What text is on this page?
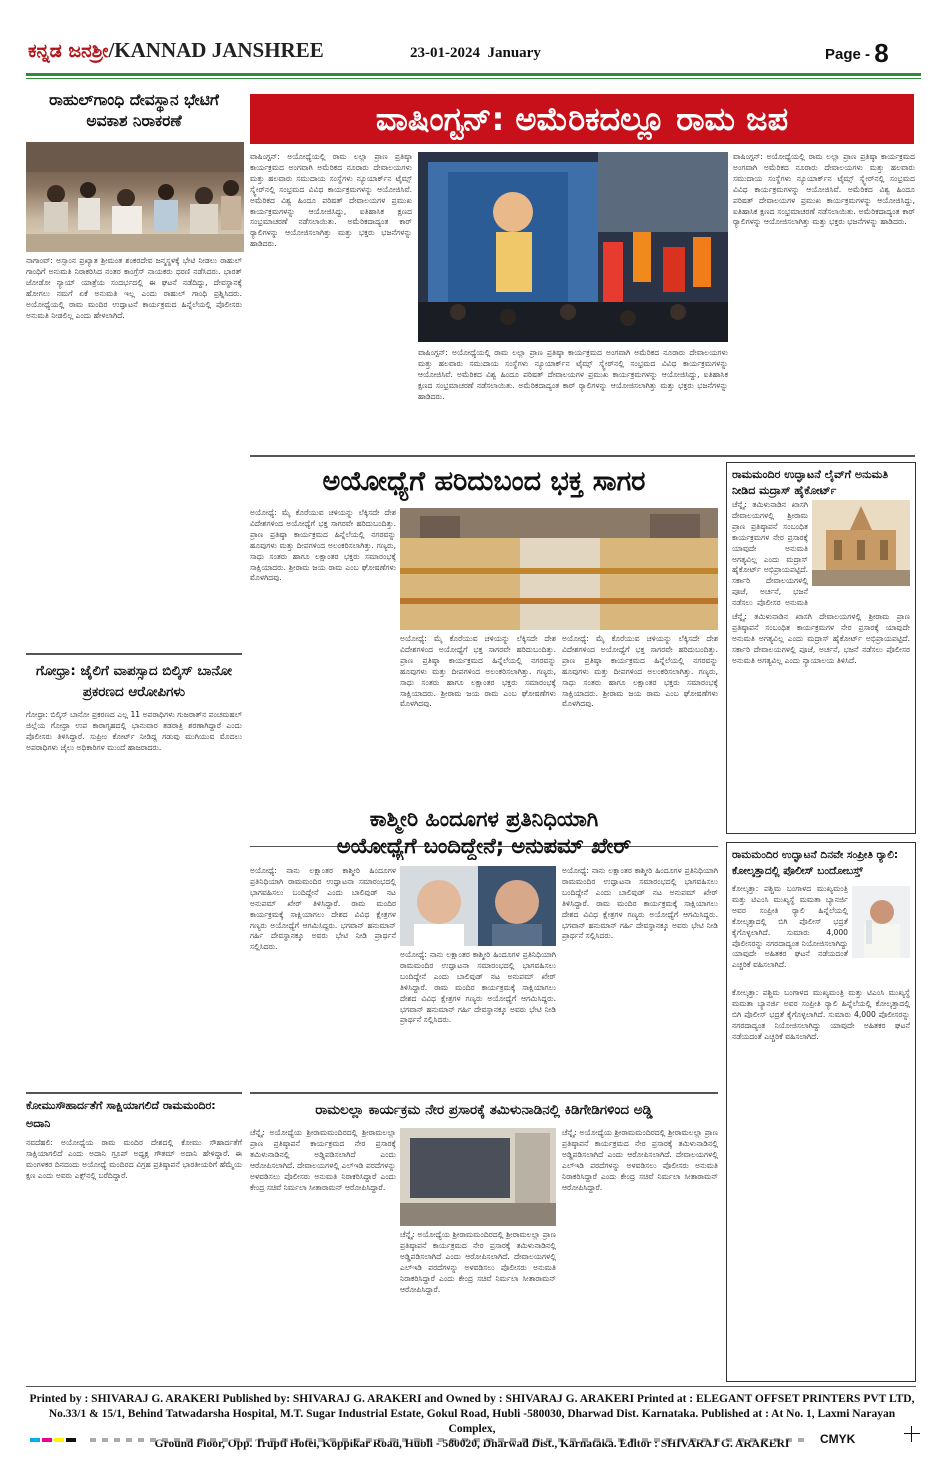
ಕನ್ನಡ ಜನಶ್ರೀ/KANNAD JANSHREE	23-01-2024 January	Page - 8
ರಾಹುಲ್‌ಗಾಂಧಿ ದೇವಸ್ಥಾನ ಭೇಟಿಗೆ ಅವಕಾಶ ನಿರಾಕರಣೆ
ನಾಗಾಂವ್: ಅಸ್ಸಾಂನ ಪ್ರಖ್ಯಾತ ಶ್ರೀಮಂತ ಶಂಕರದೇವ ಜನ್ಮಸ್ಥಳಕ್ಕೆ ಭೇಟಿ ನೀಡಲು ರಾಹುಲ್ ಗಾಂಧಿಗೆ ಅನುಮತಿ ನಿರಾಕರಿಸಿದ ನಂತರ ಕಾಂಗ್ರೆಸ್ ನಾಯಕರು ಧರಣಿ ನಡೆಸಿದರು. ಭಾರತ್ ಜೋಡೋ ನ್ಯಾಯ್ ಯಾತ್ರೆಯ ಸಂದರ್ಭದಲ್ಲಿ ಈ ಘಟನೆ ನಡೆದಿದ್ದು, ದೇವಸ್ಥಾನಕ್ಕೆ ಹೋಗಲು ನಮಗೆ ಏಕೆ ಅನುಮತಿ ಇಲ್ಲ ಎಂದು ರಾಹುಲ್ ಗಾಂಧಿ ಪ್ರಶ್ನಿಸಿದರು. ಅಯೋಧ್ಯೆಯಲ್ಲಿ ರಾಮ ಮಂದಿರ ಉದ್ಘಾಟನೆ ಕಾರ್ಯಕ್ರಮದ ಹಿನ್ನೆಲೆಯಲ್ಲಿ ಪೊಲೀಸರು ಅನುಮತಿ ನೀಡಲಿಲ್ಲ ಎಂದು ಹೇಳಲಾಗಿದೆ.
ಗೋಧ್ರಾ: ಜೈಲಿಗೆ ವಾಪಸ್ಸಾದ ಬಿಲ್ಕಿಸ್ ಬಾನೋ ಪ್ರಕರಣದ ಆರೋಪಿಗಳು
ಗೋಧ್ರಾ: ಬಿಲ್ಕಿಸ್ ಬಾನೋ ಪ್ರಕರಣದ ಎಲ್ಲ 11 ಅಪರಾಧಿಗಳು ಗುಜರಾತ್‌ನ ಪಂಚಮಹಲ್ ಜಿಲ್ಲೆಯ ಗೋಧ್ರಾ ಉಪ ಕಾರಾಗೃಹದಲ್ಲಿ ಭಾನುವಾರ ತಡರಾತ್ರಿ ಶರಣಾಗಿದ್ದಾರೆ ಎಂದು ಪೊಲೀಸರು ತಿಳಿಸಿದ್ದಾರೆ. ಸುಪ್ರೀಂ ಕೋರ್ಟ್ ನೀಡಿದ್ದ ಗಡುವು ಮುಗಿಯುವ ಮೊದಲು ಅಪರಾಧಿಗಳು ಜೈಲು ಅಧಿಕಾರಿಗಳ ಮುಂದೆ ಹಾಜರಾದರು.
ಕೋಮುಸೌಹಾರ್ದತೆಗೆ ಸಾಕ್ಷಿಯಾಗಲಿದೆ ರಾಮಮಂದಿರ: ಅದಾನಿ
ನವದೆಹಲಿ: ಅಯೋಧ್ಯೆಯ ರಾಮ ಮಂದಿರ ದೇಶದಲ್ಲಿ ಕೋಮು ಸೌಹಾರ್ದತೆಗೆ ಸಾಕ್ಷಿಯಾಗಲಿದೆ ಎಂದು ಅದಾನಿ ಗ್ರೂಪ್ ಅಧ್ಯಕ್ಷ ಗೌತಮ್ ಅದಾನಿ ಹೇಳಿದ್ದಾರೆ. ಈ ಮಂಗಳಕರ ದಿನದಂದು ಅಯೋಧ್ಯೆ ಮಂದಿರದ ವಿಗ್ರಹ ಪ್ರತಿಷ್ಠಾಪನೆ ಭಾರತೀಯರಿಗೆ ಹೆಮ್ಮೆಯ ಕ್ಷಣ ಎಂದು ಅವರು ಎಕ್ಸ್‌ನಲ್ಲಿ ಬರೆದಿದ್ದಾರೆ.
ವಾಷಿಂಗ್ಟನ್: ಅಮೆರಿಕದಲ್ಲೂ ರಾಮ ಜಪ
ವಾಷಿಂಗ್ಟನ್: ಅಯೋಧ್ಯೆಯಲ್ಲಿ ರಾಮ ಲಲ್ಲಾ ಪ್ರಾಣ ಪ್ರತಿಷ್ಠಾ ಕಾರ್ಯಕ್ರಮದ ಅಂಗವಾಗಿ ಅಮೆರಿಕದ ನೂರಾರು ದೇವಾಲಯಗಳು ಮತ್ತು ಹಲವಾರು ಸಮುದಾಯ ಸಂಸ್ಥೆಗಳು ನ್ಯೂಯಾರ್ಕ್‌ನ ಟೈಮ್ಸ್ ಸ್ಕ್ವೇರ್‌ನಲ್ಲಿ ಸಂಭ್ರಮದ ವಿವಿಧ ಕಾರ್ಯಕ್ರಮಗಳನ್ನು ಆಯೋಜಿಸಿವೆ. ಅಮೆರಿಕದ ವಿಶ್ವ ಹಿಂದೂ ಪರಿಷತ್ ದೇವಾಲಯಗಳ ಪ್ರಮುಖ ಕಾರ್ಯಕ್ರಮಗಳನ್ನು ಆಯೋಜಿಸಿದ್ದು, ಐತಿಹಾಸಿಕ ಕ್ಷಣದ ಸಂಭ್ರಮಾಚರಣೆ ನಡೆಸಲಾಯಿತು. ಅಮೆರಿಕದಾದ್ಯಂತ ಕಾರ್ ರ‍್ಯಾಲಿಗಳನ್ನು ಆಯೋಜಿಸಲಾಗಿತ್ತು ಮತ್ತು ಭಕ್ತರು ಭಜನೆಗಳನ್ನು ಹಾಡಿದರು.
ವಾಷಿಂಗ್ಟನ್: ಅಯೋಧ್ಯೆಯಲ್ಲಿ ರಾಮ ಲಲ್ಲಾ ಪ್ರಾಣ ಪ್ರತಿಷ್ಠಾ ಕಾರ್ಯಕ್ರಮದ ಅಂಗವಾಗಿ ಅಮೆರಿಕದ ನೂರಾರು ದೇವಾಲಯಗಳು ಮತ್ತು ಹಲವಾರು ಸಮುದಾಯ ಸಂಸ್ಥೆಗಳು ನ್ಯೂಯಾರ್ಕ್‌ನ ಟೈಮ್ಸ್ ಸ್ಕ್ವೇರ್‌ನಲ್ಲಿ ಸಂಭ್ರಮದ ವಿವಿಧ ಕಾರ್ಯಕ್ರಮಗಳನ್ನು ಆಯೋಜಿಸಿವೆ. ಅಮೆರಿಕದ ವಿಶ್ವ ಹಿಂದೂ ಪರಿಷತ್ ದೇವಾಲಯಗಳ ಪ್ರಮುಖ ಕಾರ್ಯಕ್ರಮಗಳನ್ನು ಆಯೋಜಿಸಿದ್ದು, ಐತಿಹಾಸಿಕ ಕ್ಷಣದ ಸಂಭ್ರಮಾಚರಣೆ ನಡೆಸಲಾಯಿತು. ಅಮೆರಿಕದಾದ್ಯಂತ ಕಾರ್ ರ‍್ಯಾಲಿಗಳನ್ನು ಆಯೋಜಿಸಲಾಗಿತ್ತು ಮತ್ತು ಭಕ್ತರು ಭಜನೆಗಳನ್ನು ಹಾಡಿದರು.
ವಾಷಿಂಗ್ಟನ್: ಅಯೋಧ್ಯೆಯಲ್ಲಿ ರಾಮ ಲಲ್ಲಾ ಪ್ರಾಣ ಪ್ರತಿಷ್ಠಾ ಕಾರ್ಯಕ್ರಮದ ಅಂಗವಾಗಿ ಅಮೆರಿಕದ ನೂರಾರು ದೇವಾಲಯಗಳು ಮತ್ತು ಹಲವಾರು ಸಮುದಾಯ ಸಂಸ್ಥೆಗಳು ನ್ಯೂಯಾರ್ಕ್‌ನ ಟೈಮ್ಸ್ ಸ್ಕ್ವೇರ್‌ನಲ್ಲಿ ಸಂಭ್ರಮದ ವಿವಿಧ ಕಾರ್ಯಕ್ರಮಗಳನ್ನು ಆಯೋಜಿಸಿವೆ. ಅಮೆರಿಕದ ವಿಶ್ವ ಹಿಂದೂ ಪರಿಷತ್ ದೇವಾಲಯಗಳ ಪ್ರಮುಖ ಕಾರ್ಯಕ್ರಮಗಳನ್ನು ಆಯೋಜಿಸಿದ್ದು, ಐತಿಹಾಸಿಕ ಕ್ಷಣದ ಸಂಭ್ರಮಾಚರಣೆ ನಡೆಸಲಾಯಿತು. ಅಮೆರಿಕದಾದ್ಯಂತ ಕಾರ್ ರ‍್ಯಾಲಿಗಳನ್ನು ಆಯೋಜಿಸಲಾಗಿತ್ತು ಮತ್ತು ಭಕ್ತರು ಭಜನೆಗಳನ್ನು ಹಾಡಿದರು.
ಅಯೋಧ್ಯೆಗೆ ಹರಿದುಬಂದ ಭಕ್ತ ಸಾಗರ
ಅಯೋಧ್ಯೆ: ಮೈ ಕೊರೆಯುವ ಚಳಿಯನ್ನು ಲೆಕ್ಕಿಸದೇ ದೇಶ ವಿದೇಶಗಳಿಂದ ಅಯೋಧ್ಯೆಗೆ ಭಕ್ತ ಸಾಗರವೇ ಹರಿದುಬಂದಿತ್ತು. ಪ್ರಾಣ ಪ್ರತಿಷ್ಠಾ ಕಾರ್ಯಕ್ರಮದ ಹಿನ್ನೆಲೆಯಲ್ಲಿ ನಗರವನ್ನು ಹೂವುಗಳು ಮತ್ತು ದೀಪಗಳಿಂದ ಅಲಂಕರಿಸಲಾಗಿತ್ತು. ಗಣ್ಯರು, ಸಾಧು ಸಂತರು ಹಾಗೂ ಲಕ್ಷಾಂತರ ಭಕ್ತರು ಸಮಾರಂಭಕ್ಕೆ ಸಾಕ್ಷಿಯಾದರು. ಶ್ರೀರಾಮ ಜಯ ರಾಮ ಎಂಬ ಘೋಷಣೆಗಳು ಮೊಳಗಿದವು.
ಅಯೋಧ್ಯೆ: ಮೈ ಕೊರೆಯುವ ಚಳಿಯನ್ನು ಲೆಕ್ಕಿಸದೇ ದೇಶ ವಿದೇಶಗಳಿಂದ ಅಯೋಧ್ಯೆಗೆ ಭಕ್ತ ಸಾಗರವೇ ಹರಿದುಬಂದಿತ್ತು. ಪ್ರಾಣ ಪ್ರತಿಷ್ಠಾ ಕಾರ್ಯಕ್ರಮದ ಹಿನ್ನೆಲೆಯಲ್ಲಿ ನಗರವನ್ನು ಹೂವುಗಳು ಮತ್ತು ದೀಪಗಳಿಂದ ಅಲಂಕರಿಸಲಾಗಿತ್ತು. ಗಣ್ಯರು, ಸಾಧು ಸಂತರು ಹಾಗೂ ಲಕ್ಷಾಂತರ ಭಕ್ತರು ಸಮಾರಂಭಕ್ಕೆ ಸಾಕ್ಷಿಯಾದರು. ಶ್ರೀರಾಮ ಜಯ ರಾಮ ಎಂಬ ಘೋಷಣೆಗಳು ಮೊಳಗಿದವು.
ಅಯೋಧ್ಯೆ: ಮೈ ಕೊರೆಯುವ ಚಳಿಯನ್ನು ಲೆಕ್ಕಿಸದೇ ದೇಶ ವಿದೇಶಗಳಿಂದ ಅಯೋಧ್ಯೆಗೆ ಭಕ್ತ ಸಾಗರವೇ ಹರಿದುಬಂದಿತ್ತು. ಪ್ರಾಣ ಪ್ರತಿಷ್ಠಾ ಕಾರ್ಯಕ್ರಮದ ಹಿನ್ನೆಲೆಯಲ್ಲಿ ನಗರವನ್ನು ಹೂವುಗಳು ಮತ್ತು ದೀಪಗಳಿಂದ ಅಲಂಕರಿಸಲಾಗಿತ್ತು. ಗಣ್ಯರು, ಸಾಧು ಸಂತರು ಹಾಗೂ ಲಕ್ಷಾಂತರ ಭಕ್ತರು ಸಮಾರಂಭಕ್ಕೆ ಸಾಕ್ಷಿಯಾದರು. ಶ್ರೀರಾಮ ಜಯ ರಾಮ ಎಂಬ ಘೋಷಣೆಗಳು ಮೊಳಗಿದವು.
ಕಾಶ್ಮೀರಿ ಹಿಂದೂಗಳ ಪ್ರತಿನಿಧಿಯಾಗಿ
ಅಯೋಧ್ಯೆಗೆ ಬಂದಿದ್ದೇನೆ; ಅನುಪಮ್ ಖೇರ್
ಅಯೋಧ್ಯೆ: ನಾನು ಲಕ್ಷಾಂತರ ಕಾಶ್ಮೀರಿ ಹಿಂದೂಗಳ ಪ್ರತಿನಿಧಿಯಾಗಿ ರಾಮಮಂದಿರ ಉದ್ಘಾಟನಾ ಸಮಾರಂಭದಲ್ಲಿ ಭಾಗವಹಿಸಲು ಬಂದಿದ್ದೇನೆ ಎಂದು ಬಾಲಿವುಡ್ ನಟ ಅನುಪಮ್ ಖೇರ್ ತಿಳಿಸಿದ್ದಾರೆ. ರಾಮ ಮಂದಿರ ಕಾರ್ಯಕ್ರಮಕ್ಕೆ ಸಾಕ್ಷಿಯಾಗಲು ದೇಶದ ವಿವಿಧ ಕ್ಷೇತ್ರಗಳ ಗಣ್ಯರು ಅಯೋಧ್ಯೆಗೆ ಆಗಮಿಸಿದ್ದರು. ಭಗವಾನ್ ಹನುಮಾನ್ ಗರ್ಹಿ ದೇವಸ್ಥಾನಕ್ಕೂ ಅವರು ಭೇಟಿ ನೀಡಿ ಪ್ರಾರ್ಥನೆ ಸಲ್ಲಿಸಿದರು.
ಅಯೋಧ್ಯೆ: ನಾನು ಲಕ್ಷಾಂತರ ಕಾಶ್ಮೀರಿ ಹಿಂದೂಗಳ ಪ್ರತಿನಿಧಿಯಾಗಿ ರಾಮಮಂದಿರ ಉದ್ಘಾಟನಾ ಸಮಾರಂಭದಲ್ಲಿ ಭಾಗವಹಿಸಲು ಬಂದಿದ್ದೇನೆ ಎಂದು ಬಾಲಿವುಡ್ ನಟ ಅನುಪಮ್ ಖೇರ್ ತಿಳಿಸಿದ್ದಾರೆ. ರಾಮ ಮಂದಿರ ಕಾರ್ಯಕ್ರಮಕ್ಕೆ ಸಾಕ್ಷಿಯಾಗಲು ದೇಶದ ವಿವಿಧ ಕ್ಷೇತ್ರಗಳ ಗಣ್ಯರು ಅಯೋಧ್ಯೆಗೆ ಆಗಮಿಸಿದ್ದರು. ಭಗವಾನ್ ಹನುಮಾನ್ ಗರ್ಹಿ ದೇವಸ್ಥಾನಕ್ಕೂ ಅವರು ಭೇಟಿ ನೀಡಿ ಪ್ರಾರ್ಥನೆ ಸಲ್ಲಿಸಿದರು.
ಅಯೋಧ್ಯೆ: ನಾನು ಲಕ್ಷಾಂತರ ಕಾಶ್ಮೀರಿ ಹಿಂದೂಗಳ ಪ್ರತಿನಿಧಿಯಾಗಿ ರಾಮಮಂದಿರ ಉದ್ಘಾಟನಾ ಸಮಾರಂಭದಲ್ಲಿ ಭಾಗವಹಿಸಲು ಬಂದಿದ್ದೇನೆ ಎಂದು ಬಾಲಿವುಡ್ ನಟ ಅನುಪಮ್ ಖೇರ್ ತಿಳಿಸಿದ್ದಾರೆ. ರಾಮ ಮಂದಿರ ಕಾರ್ಯಕ್ರಮಕ್ಕೆ ಸಾಕ್ಷಿಯಾಗಲು ದೇಶದ ವಿವಿಧ ಕ್ಷೇತ್ರಗಳ ಗಣ್ಯರು ಅಯೋಧ್ಯೆಗೆ ಆಗಮಿಸಿದ್ದರು. ಭಗವಾನ್ ಹನುಮಾನ್ ಗರ್ಹಿ ದೇವಸ್ಥಾನಕ್ಕೂ ಅವರು ಭೇಟಿ ನೀಡಿ ಪ್ರಾರ್ಥನೆ ಸಲ್ಲಿಸಿದರು.
ರಾಮಲಲ್ಲಾ ಕಾರ್ಯಕ್ರಮ ನೇರ ಪ್ರಸಾರಕ್ಕೆ ತಮಿಳುನಾಡಿನಲ್ಲಿ ಕಿಡಿಗೇಡಿಗಳಿಂದ ಅಡ್ಡಿ
ಚೆನ್ನೈ: ಅಯೋಧ್ಯೆಯ ಶ್ರೀರಾಮಮಂದಿರದಲ್ಲಿ ಶ್ರೀರಾಮಲಲ್ಲಾ ಪ್ರಾಣ ಪ್ರತಿಷ್ಠಾಪನೆ ಕಾರ್ಯಕ್ರಮದ ನೇರ ಪ್ರಸಾರಕ್ಕೆ ತಮಿಳುನಾಡಿನಲ್ಲಿ ಅಡ್ಡಿಪಡಿಸಲಾಗಿದೆ ಎಂದು ಆರೋಪಿಸಲಾಗಿದೆ. ದೇವಾಲಯಗಳಲ್ಲಿ ಎಲ್‌ಇಡಿ ಪರದೆಗಳನ್ನು ಅಳವಡಿಸಲು ಪೊಲೀಸರು ಅನುಮತಿ ನಿರಾಕರಿಸಿದ್ದಾರೆ ಎಂದು ಕೇಂದ್ರ ಸಚಿವೆ ನಿರ್ಮಲಾ ಸೀತಾರಾಮನ್ ಆರೋಪಿಸಿದ್ದಾರೆ.
ಚೆನ್ನೈ: ಅಯೋಧ್ಯೆಯ ಶ್ರೀರಾಮಮಂದಿರದಲ್ಲಿ ಶ್ರೀರಾಮಲಲ್ಲಾ ಪ್ರಾಣ ಪ್ರತಿಷ್ಠಾಪನೆ ಕಾರ್ಯಕ್ರಮದ ನೇರ ಪ್ರಸಾರಕ್ಕೆ ತಮಿಳುನಾಡಿನಲ್ಲಿ ಅಡ್ಡಿಪಡಿಸಲಾಗಿದೆ ಎಂದು ಆರೋಪಿಸಲಾಗಿದೆ. ದೇವಾಲಯಗಳಲ್ಲಿ ಎಲ್‌ಇಡಿ ಪರದೆಗಳನ್ನು ಅಳವಡಿಸಲು ಪೊಲೀಸರು ಅನುಮತಿ ನಿರಾಕರಿಸಿದ್ದಾರೆ ಎಂದು ಕೇಂದ್ರ ಸಚಿವೆ ನಿರ್ಮಲಾ ಸೀತಾರಾಮನ್ ಆರೋಪಿಸಿದ್ದಾರೆ.
ಚೆನ್ನೈ: ಅಯೋಧ್ಯೆಯ ಶ್ರೀರಾಮಮಂದಿರದಲ್ಲಿ ಶ್ರೀರಾಮಲಲ್ಲಾ ಪ್ರಾಣ ಪ್ರತಿಷ್ಠಾಪನೆ ಕಾರ್ಯಕ್ರಮದ ನೇರ ಪ್ರಸಾರಕ್ಕೆ ತಮಿಳುನಾಡಿನಲ್ಲಿ ಅಡ್ಡಿಪಡಿಸಲಾಗಿದೆ ಎಂದು ಆರೋಪಿಸಲಾಗಿದೆ. ದೇವಾಲಯಗಳಲ್ಲಿ ಎಲ್‌ಇಡಿ ಪರದೆಗಳನ್ನು ಅಳವಡಿಸಲು ಪೊಲೀಸರು ಅನುಮತಿ ನಿರಾಕರಿಸಿದ್ದಾರೆ ಎಂದು ಕೇಂದ್ರ ಸಚಿವೆ ನಿರ್ಮಲಾ ಸೀತಾರಾಮನ್ ಆರೋಪಿಸಿದ್ದಾರೆ.
ರಾಮಮಂದಿರ ಉದ್ಘಾಟನೆ ಲೈವ್‌ಗೆ ಅನುಮತಿ ನೀಡಿದ ಮದ್ರಾಸ್ ಹೈಕೋರ್ಟ್
ಚೆನ್ನೈ: ತಮಿಳುನಾಡಿನ ಖಾಸಗಿ ದೇವಾಲಯಗಳಲ್ಲಿ ಶ್ರೀರಾಮ ಪ್ರಾಣ ಪ್ರತಿಷ್ಠಾಪನೆ ಸಂಬಂಧಿತ ಕಾರ್ಯಕ್ರಮಗಳ ನೇರ ಪ್ರಸಾರಕ್ಕೆ ಯಾವುದೇ ಅನುಮತಿ ಅಗತ್ಯವಿಲ್ಲ ಎಂದು ಮದ್ರಾಸ್ ಹೈಕೋರ್ಟ್ ಅಭಿಪ್ರಾಯಪಟ್ಟಿದೆ. ಸರ್ಕಾರಿ ದೇವಾಲಯಗಳಲ್ಲಿ ಪೂಜೆ, ಅರ್ಚನೆ, ಭಜನೆ ನಡೆಸಲು ಪೊಲೀಸರ ಅನುಮತಿ
ಚೆನ್ನೈ: ತಮಿಳುನಾಡಿನ ಖಾಸಗಿ ದೇವಾಲಯಗಳಲ್ಲಿ ಶ್ರೀರಾಮ ಪ್ರಾಣ ಪ್ರತಿಷ್ಠಾಪನೆ ಸಂಬಂಧಿತ ಕಾರ್ಯಕ್ರಮಗಳ ನೇರ ಪ್ರಸಾರಕ್ಕೆ ಯಾವುದೇ ಅನುಮತಿ ಅಗತ್ಯವಿಲ್ಲ ಎಂದು ಮದ್ರಾಸ್ ಹೈಕೋರ್ಟ್ ಅಭಿಪ್ರಾಯಪಟ್ಟಿದೆ. ಸರ್ಕಾರಿ ದೇವಾಲಯಗಳಲ್ಲಿ ಪೂಜೆ, ಅರ್ಚನೆ, ಭಜನೆ ನಡೆಸಲು ಪೊಲೀಸರ ಅನುಮತಿ ಅಗತ್ಯವಿಲ್ಲ ಎಂದು ನ್ಯಾಯಾಲಯ ತಿಳಿಸಿದೆ.
ರಾಮಮಂದಿರ ಉದ್ಘಾಟನೆ ದಿನವೇ ಸಂಪ್ರೀತಿ ರ‍್ಯಾಲಿ: ಕೋಲ್ಕತ್ತಾದಲ್ಲಿ ಪೊಲೀಸ್ ಬಂದೋಬಸ್ತ್
ಕೋಲ್ಕತ್ತಾ: ಪಶ್ಚಿಮ ಬಂಗಾಳದ ಮುಖ್ಯಮಂತ್ರಿ ಮತ್ತು ಟಿಎಂಸಿ ಮುಖ್ಯಸ್ಥೆ ಮಮತಾ ಬ್ಯಾನರ್ಜಿ ಅವರ ಸಂಪ್ರೀತಿ ರ‍್ಯಾಲಿ ಹಿನ್ನೆಲೆಯಲ್ಲಿ ಕೋಲ್ಕತ್ತಾದಲ್ಲಿ ಬಿಗಿ ಪೊಲೀಸ್ ಭದ್ರತೆ ಕೈಗೊಳ್ಳಲಾಗಿದೆ. ಸುಮಾರು 4,000 ಪೊಲೀಸರನ್ನು ನಗರದಾದ್ಯಂತ ನಿಯೋಜಿಸಲಾಗಿದ್ದು ಯಾವುದೇ ಅಹಿತಕರ ಘಟನೆ ನಡೆಯದಂತೆ ಎಚ್ಚರಿಕೆ ವಹಿಸಲಾಗಿದೆ.
ಕೋಲ್ಕತ್ತಾ: ಪಶ್ಚಿಮ ಬಂಗಾಳದ ಮುಖ್ಯಮಂತ್ರಿ ಮತ್ತು ಟಿಎಂಸಿ ಮುಖ್ಯಸ್ಥೆ ಮಮತಾ ಬ್ಯಾನರ್ಜಿ ಅವರ ಸಂಪ್ರೀತಿ ರ‍್ಯಾಲಿ ಹಿನ್ನೆಲೆಯಲ್ಲಿ ಕೋಲ್ಕತ್ತಾದಲ್ಲಿ ಬಿಗಿ ಪೊಲೀಸ್ ಭದ್ರತೆ ಕೈಗೊಳ್ಳಲಾಗಿದೆ. ಸುಮಾರು 4,000 ಪೊಲೀಸರನ್ನು ನಗರದಾದ್ಯಂತ ನಿಯೋಜಿಸಲಾಗಿದ್ದು ಯಾವುದೇ ಅಹಿತಕರ ಘಟನೆ ನಡೆಯದಂತೆ ಎಚ್ಚರಿಕೆ ವಹಿಸಲಾಗಿದೆ.
Printed by : SHIVARAJ G. ARAKERI Published by: SHIVARAJ G. ARAKERI and Owned by : SHIVARAJ G. ARAKERI Printed at : ELEGANT OFFSET PRINTERS PVT LTD,
No.33/1 & 15/1, Behind Tatwadarsha Hospital, M.T. Sugar Industrial Estate, Gokul Road, Hubli -580030, Dharwad Dist. Karnataka. Published at : At No. 1, Laxmi Narayan Complex,
Ground Floor, Opp. Trupti Hotel, Koppikar Road, Hubli - 580020, Dharwad Dist., Karnataka. Editor : SHIVARAJ G. ARAKERI	CMYK
